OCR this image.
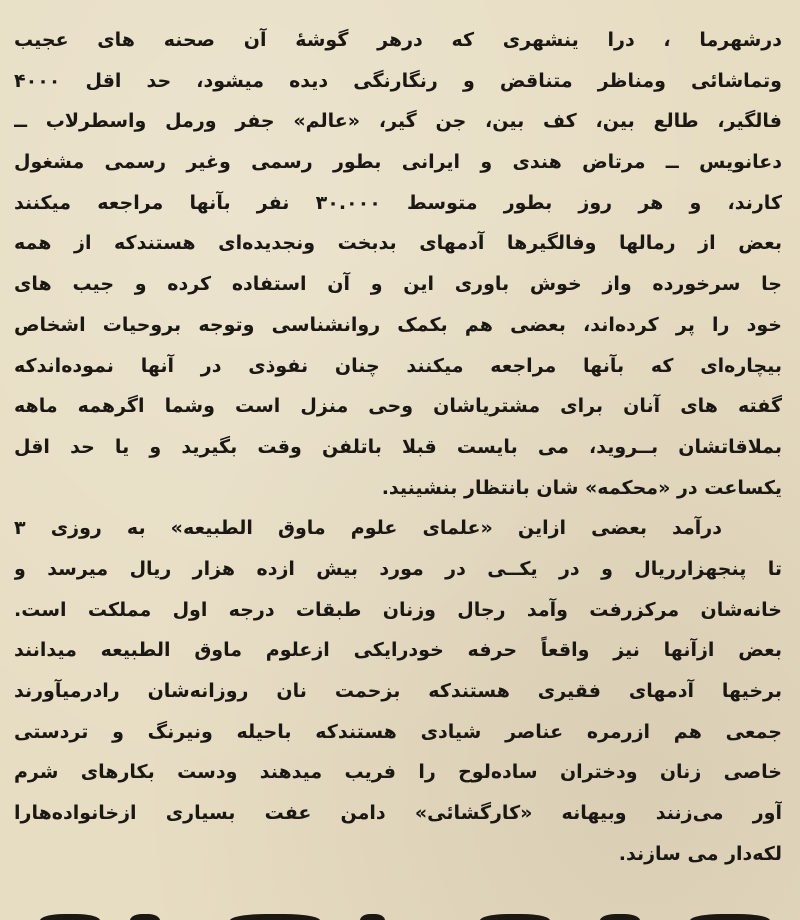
درشهرما ، درا ینشهری که درهر گوشهٔ آن صحنه های عجیب
وتماشائی ومناظر متناقض و رنگارنگی دیده میشود، حد اقل ۴۰۰۰
فالگیر، طالع بین، کف بین، جن گیر، «عالم» جفر ورمل واسطرلاب ــ
دعانویس ــ مرتاض هندی و ایرانی بطور رسمی وغیر رسمی مشغول
کارند، و هر روز بطور متوسط ۳۰.۰۰۰ نفر بآنها مراجعه میکنند
بعض از رمالها وفالگیرها آدمهای بدبخت ونجدیده‌ای هستندکه از همه
جا سرخورده واز خوش باوری این و آن استفاده کرده و جیب های
خود را پر کرده‌اند، بعضی هم بکمک روانشناسی وتوجه بروحیات اشخاص
بیچاره‌ای که بآنها مراجعه میکنند چنان نفوذی در آنها نموده‌اندکه
گفته های آنان برای مشتریاشان وحی منزل است وشما اگرهمه ماهه
بملاقاتشان بــروید، می بایست قبلا باتلفن وقت بگیرید و یا حد اقل
یکساعت در «محکمه» شان بانتظار بنشینید.
درآمد بعضی ازاین «علمای علوم ماوق الطبیعه» به روزی ۳
تا پنجهزارریال و در یکــی در مورد بیش ازده هزار ریال میرسد و
خانه‌شان مرکزرفت وآمد رجال وزنان طبقات درجه اول مملکت است.
بعض ازآنها نیز واقعاً حرفه خودرایکی ازعلوم ماوق الطبیعه میدانند
برخیها آدمهای فقیری هستندکه بزحمت نان روزانه‌شان رادرمیآورند
جمعی هم ازرمره عناصر شیادی هستندکه باحیله ونیرنگ و تردستی
خاصی زنان ودختران ساده‌لوح را فریب میدهند ودست بکارهای شرم
آور می‌زنند وبیهانه «کارگشائی» دامن عفت بسیاری ازخانواده‌هارا
لکه‌دار می سازند.
